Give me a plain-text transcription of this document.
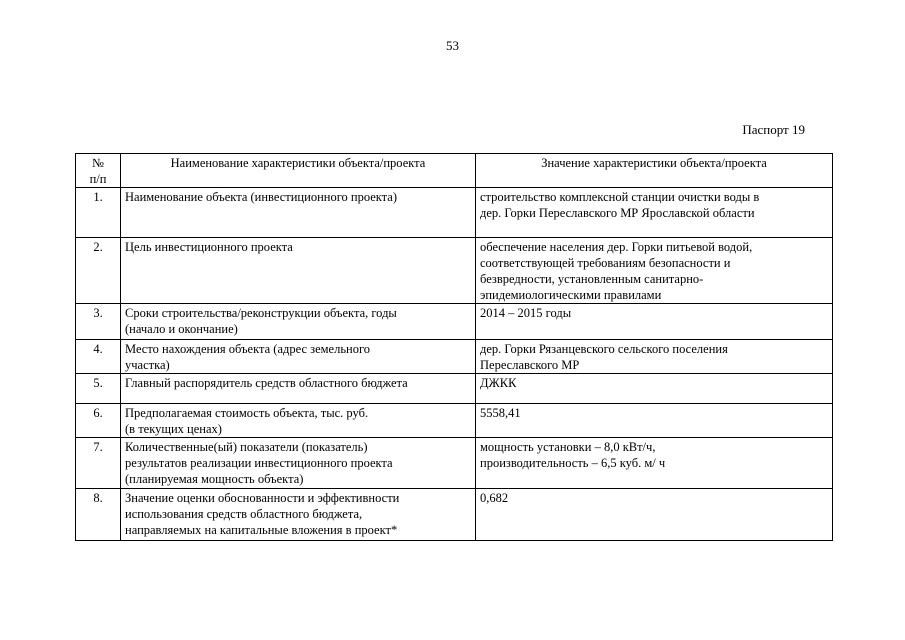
53
Паспорт 19
№
п/п	Наименование характеристики объекта/проекта	Значение характеристики объекта/проекта
1.	Наименование объекта (инвестиционного проекта)	строительство комплексной станции очистки воды в
дер. Горки Переславского МР Ярославской области

2.	Цель инвестиционного проекта	обеспечение населения дер. Горки питьевой водой,
соответствующей требованиям безопасности и
безвредности, установленным санитарно-
эпидемиологическими правилами

3.	Сроки строительства/реконструкции объекта, годы
(начало и окончание)	2014 – 2015 годы

4.	Место нахождения объекта (адрес земельного
участка)	дер. Горки Рязанцевского сельского поселения
Переславского МР

5.	Главный распорядитель средств областного бюджета	ДЖКК

6.	Предполагаемая стоимость объекта, тыс. руб.
(в текущих ценах)	5558,41

7.	Количественные(ый) показатели (показатель)
результатов реализации инвестиционного проекта
(планируемая мощность объекта)	мощность установки – 8,0 кВт/ч,
производительность – 6,5 куб. м/ ч

8.	Значение оценки обоснованности и эффективности
использования средств областного бюджета,
направляемых на капитальные вложения в проект*	0,682
